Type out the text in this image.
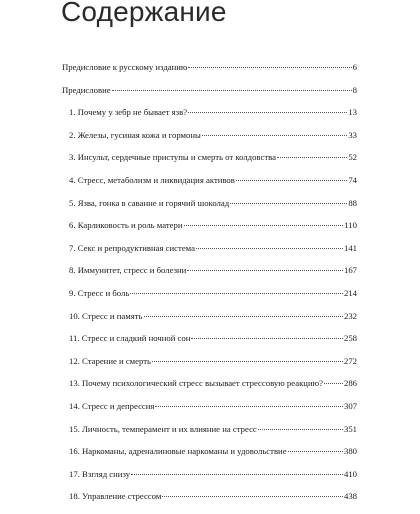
Содержание
Предисловие к русскому изданию	6
Предисловие	8
1. Почему у зебр не бывает язв?	13
2. Железы, гусиная кожа и гормоны	33
3. Инсульт, сердечные приступы и смерть от колдовства	52
4. Стресс, метаболизм и ликвидация активов	74
5. Язва, гонка в саванне и горячий шоколад	88
6. Карликовость и роль матери	110
7. Секс и репродуктивная система	141
8. Иммунитет, стресс и болезни	167
9. Стресс и боль	214
10. Стресс и память	232
11. Стресс и сладкий ночной сон	258
12. Старение и смерть	272
13. Почему психологический стресс вызывает стрессовую реакцию? 286
14. Стресс и депрессия	307
15. Личность, темперамент и их влияние на стресс	351
16. Наркоманы, адреналиновые наркоманы и удовольствие	380
17. Взгляд снизу	410
18. Управление стрессом	438
